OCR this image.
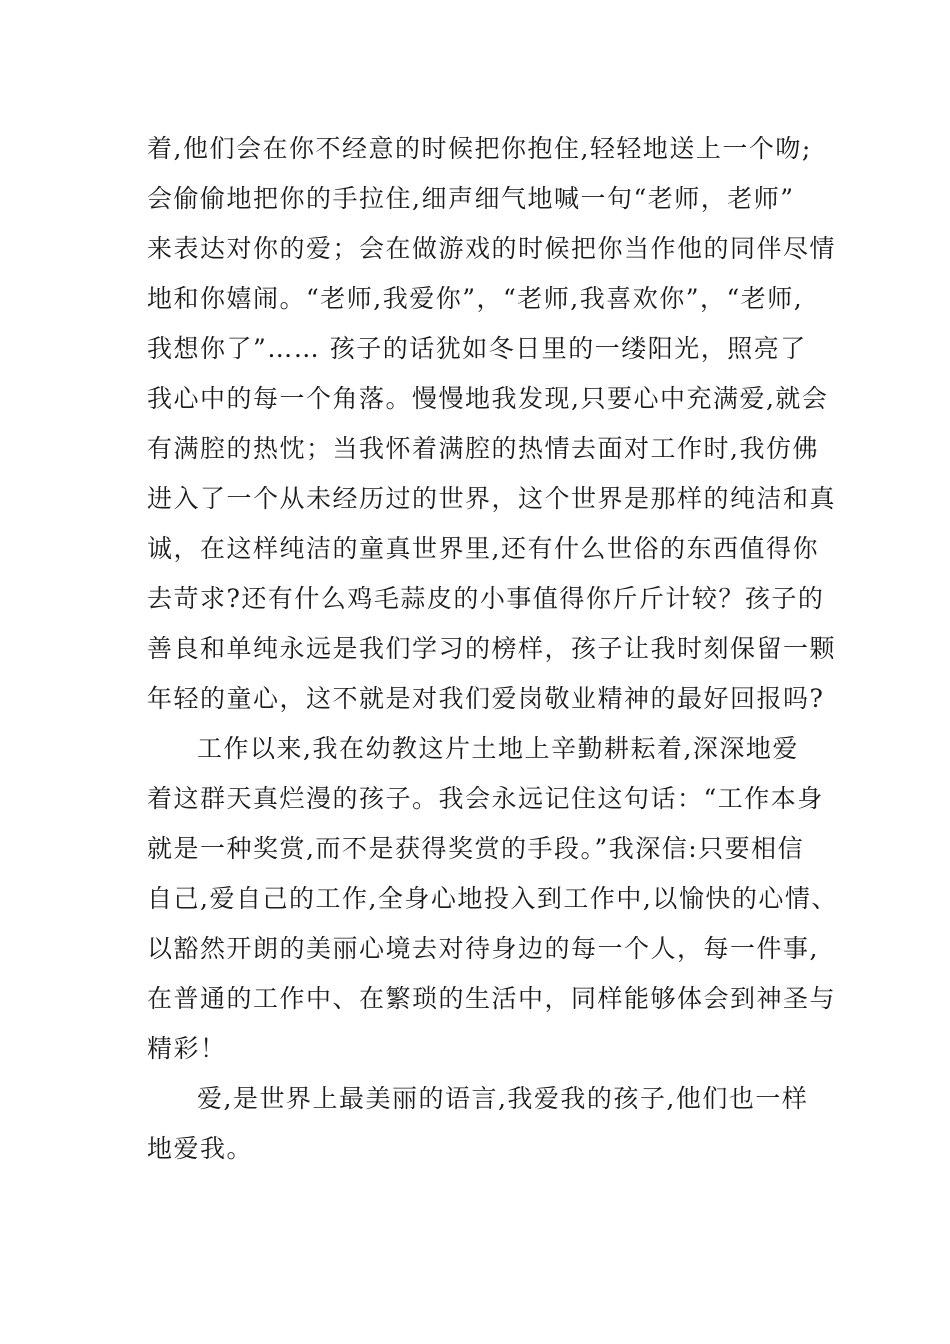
着,他们会在你不经意的时候把你抱住,轻轻地送上一个吻;
会偷偷地把你的手拉住,细声细气地喊一句“老师，老师”
来表达对你的爱；会在做游戏的时候把你当作他的同伴尽情
地和你嬉闹。“老师,我爱你”，“老师,我喜欢你”，“老师,
我想你了”…… 孩子的话犹如冬日里的一缕阳光，照亮了
我心中的每一个角落。慢慢地我发现,只要心中充满爱,就会
有满腔的热忱；当我怀着满腔的热情去面对工作时,我仿佛
进入了一个从未经历过的世界，这个世界是那样的纯洁和真
诚，在这样纯洁的童真世界里,还有什么世俗的东西值得你
去苛求?还有什么鸡毛蒜皮的小事值得你斤斤计较？孩子的
善良和单纯永远是我们学习的榜样，孩子让我时刻保留一颗
年轻的童心，这不就是对我们爱岗敬业精神的最好回报吗?
工作以来,我在幼教这片土地上辛勤耕耘着,深深地爱
着这群天真烂漫的孩子。我会永远记住这句话：“工作本身
就是一种奖赏,而不是获得奖赏的手段。”我深信:只要相信
自己,爱自己的工作,全身心地投入到工作中,以愉快的心情、
以豁然开朗的美丽心境去对待身边的每一个人，每一件事,
在普通的工作中、在繁琐的生活中，同样能够体会到神圣与
精彩！
爱,是世界上最美丽的语言,我爱我的孩子,他们也一样
地爱我。
